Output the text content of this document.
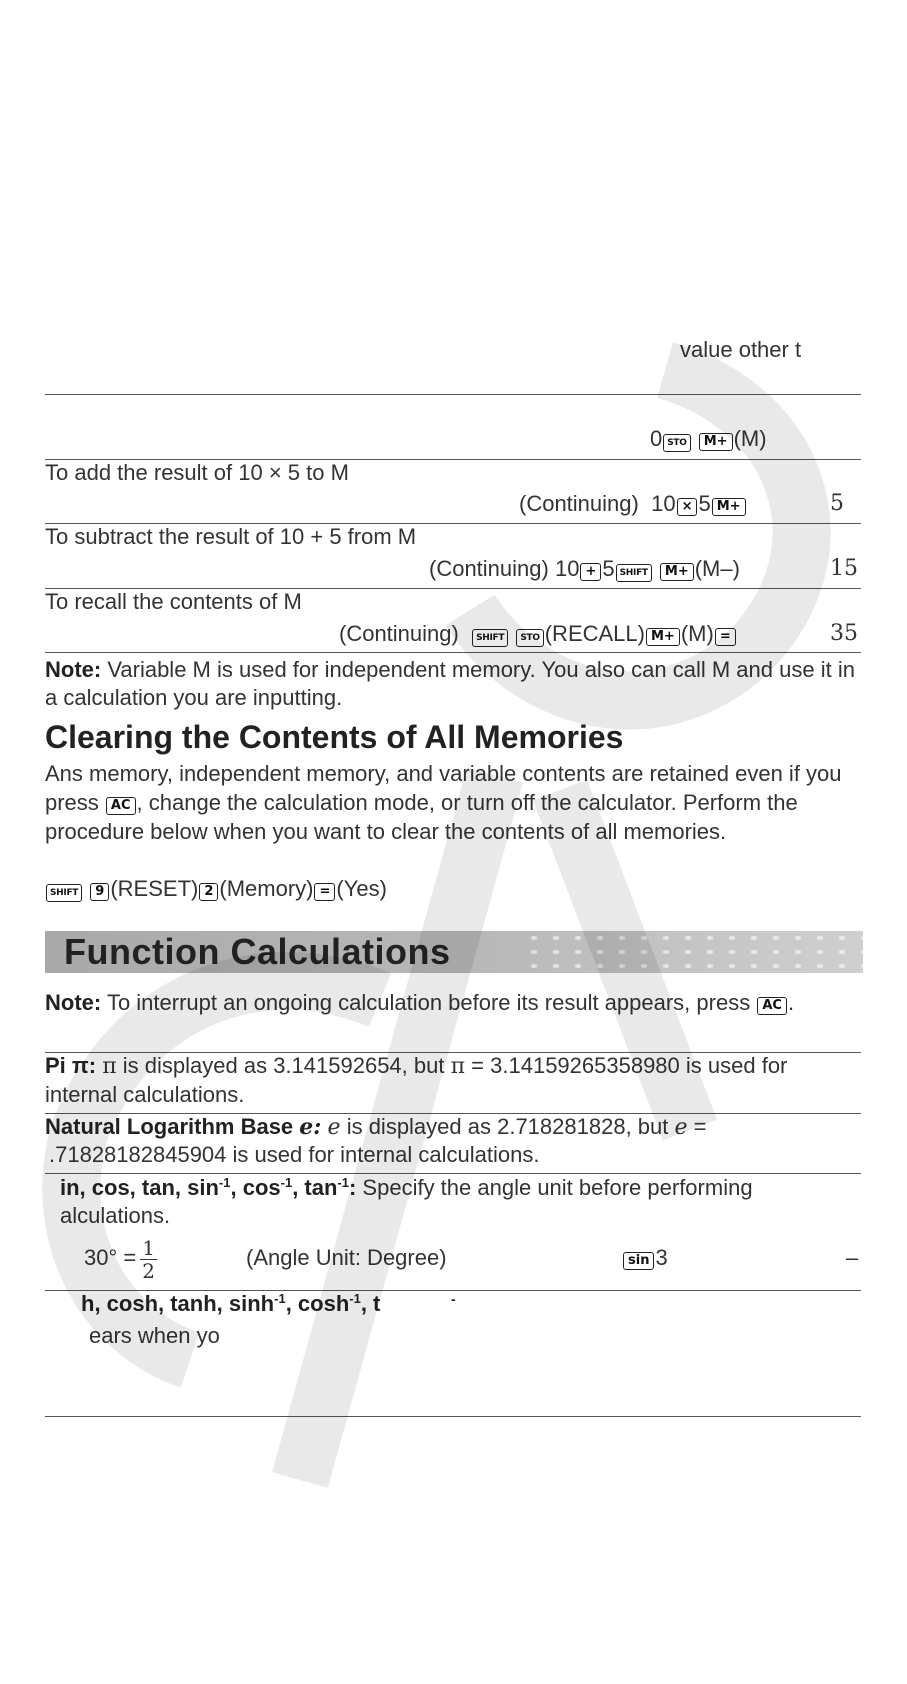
value other t
0 STO M+ (M)
To add the result of 10 × 5 to M
(Continuing) 10 × 5 M+	5
To subtract the result of 10 + 5 from M
(Continuing) 10 + 5 SHIFT M+ (M–)	15
To recall the contents of M
(Continuing) SHIFT STO (RECALL) M+ (M) =	35
Note: Variable M is used for independent memory. You also can call M and use it in a calculation you are inputting.
Clearing the Contents of All Memories
Ans memory, independent memory, and variable contents are retained even if you press AC , change the calculation mode, or turn off the calculator. Perform the procedure below when you want to clear the contents of all memories.
SHIFT 9 (RESET) 2 (Memory) = (Yes)
Function Calculations
Note: To interrupt an ongoing calculation before its result appears, press AC .
Pi π: π is displayed as 3.141592654, but π = 3.14159265358980 is used for internal calculations.
Natural Logarithm Base e: e is displayed as 2.718281828, but e =
.71828182845904 is used for internal calculations.
in, cos, tan, $\sin^{-1}$, $\cos^{-1}$, $\tan^{-1}$: Specify the angle unit before performing
alculations.
$30^\circ = \frac{1}{2}$	(Angle Unit: Degree)	sin 3	–
h, cosh, tanh, $\sinh^{-1}$, $\cosh^{-1}$, t	-
ears when yo
